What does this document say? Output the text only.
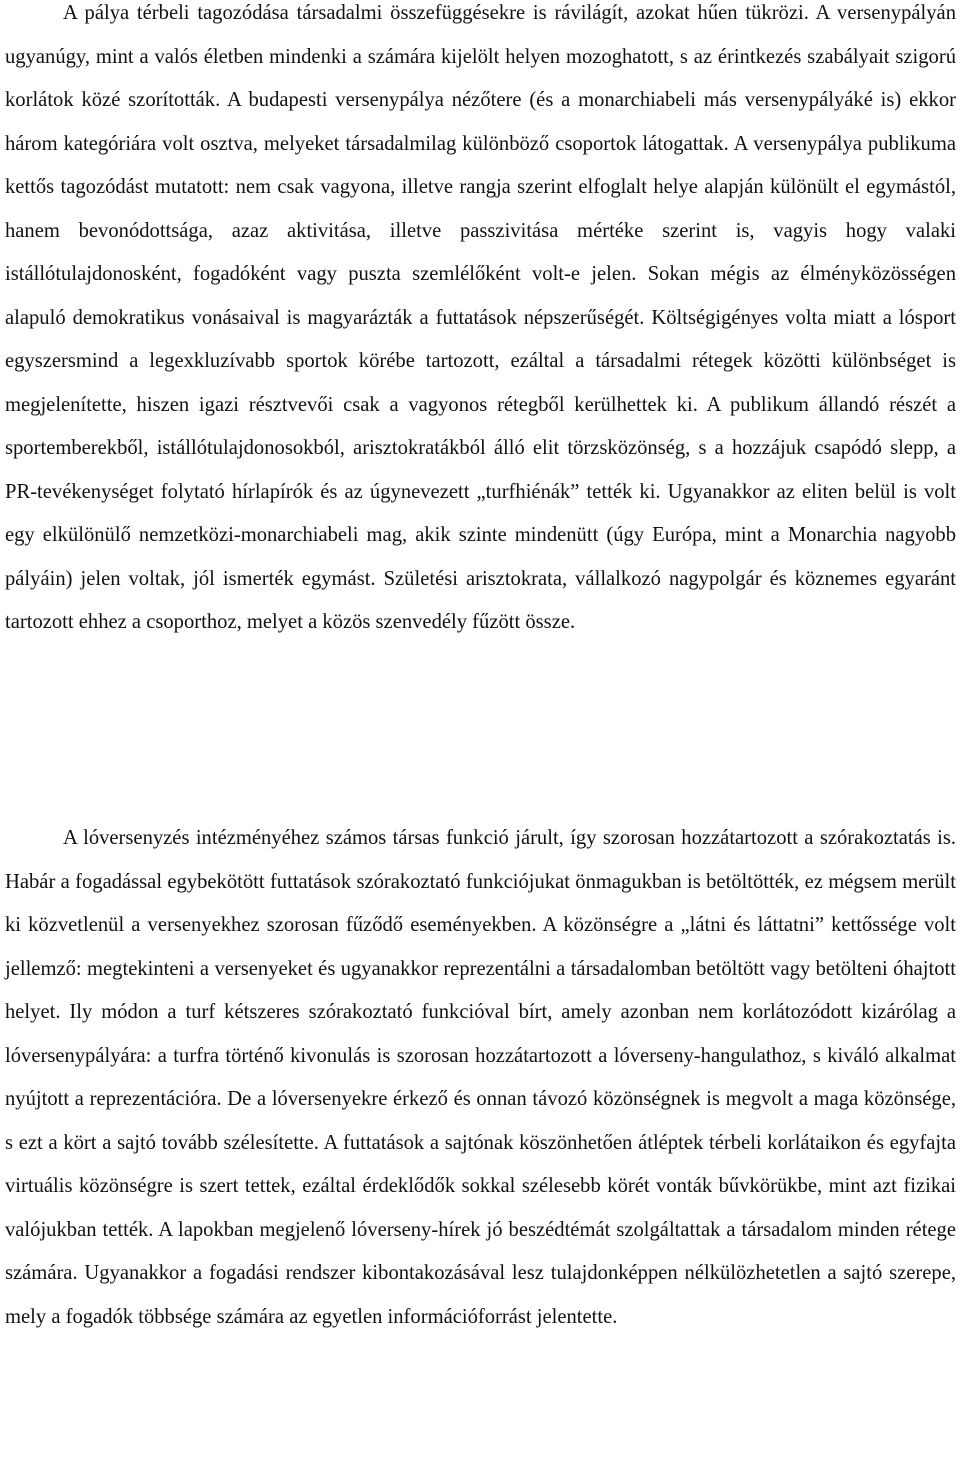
A pálya térbeli tagozódása társadalmi összefüggésekre is rávilágít, azokat hűen tükrözi. A versenypályán ugyanúgy, mint a valós életben mindenki a számára kijelölt helyen mozoghatott, s az érintkezés szabályait szigorú korlátok közé szorították. A budapesti versenypálya nézőtere (és a monarchiabeli más versenypályáké is) ekkor három kategóriára volt osztva, melyeket társadalmilag különböző csoportok látogattak. A versenypálya publikuma kettős tagozódást mutatott: nem csak vagyona, illetve rangja szerint elfoglalt helye alapján különült el egymástól, hanem bevonódottsága, azaz aktivitása, illetve passzivitása mértéke szerint is, vagyis hogy valaki istállótulajdonosként, fogadóként vagy puszta szemlélőként volt-e jelen. Sokan mégis az élményközösségen alapuló demokratikus vonásaival is magyarázták a futtatások népszerűségét. Költségigényes volta miatt a lósport egyszersmind a legexkluzívabb sportok körébe tartozott, ezáltal a társadalmi rétegek közötti különbséget is megjelenítette, hiszen igazi résztvevői csak a vagyonos rétegből kerülhettek ki. A publikum állandó részét a sportemberekből, istállótulajdonosokból, arisztokratákból álló elit törzsközönség, s a hozzájuk csapódó slepp, a PR-tevékenységet folytató hírlapírók és az úgynevezett „turfhiénák” tették ki. Ugyanakkor az eliten belül is volt egy elkülönülő nemzetközi-monarchiabeli mag, akik szinte mindenütt (úgy Európa, mint a Monarchia nagyobb pályáin) jelen voltak, jól ismerték egymást. Születési arisztokrata, vállalkozó nagypolgár és köznemes egyaránt tartozott ehhez a csoporthoz, melyet a közös szenvedély fűzött össze.

A lóversenyzés intézményéhez számos társas funkció járult, így szorosan hozzátartozott a szórakoztatás is. Habár a fogadással egybekötött futtatások szórakoztató funkciójukat önmagukban is betöltötték, ez mégsem merült ki közvetlenül a versenyekhez szorosan fűződő eseményekben. A közönségre a „látni és láttatni” kettőssége volt jellemző: megtekinteni a versenyeket és ugyanakkor reprezentálni a társadalomban betöltött vagy betölteni óhajtott helyet. Ily módon a turf kétszeres szórakoztató funkcióval bírt, amely azonban nem korlátozódott kizárólag a lóversenypályára: a turfra történő kivonulás is szorosan hozzátartozott a lóverseny-hangulathoz, s kiváló alkalmat nyújtott a reprezentációra. De a lóversenyekre érkező és onnan távozó közönségnek is megvolt a maga közönsége, s ezt a kört a sajtó tovább szélesítette. A futtatások a sajtónak köszönhetően átléptek térbeli korlátaikon és egyfajta virtuális közönségre is szert tettek, ezáltal érdeklődők sokkal szélesebb körét vonták bűvkörükbe, mint azt fizikai valójukban tették. A lapokban megjelenő lóverseny-hírek jó beszédtémát szolgáltattak a társadalom minden rétege számára. Ugyanakkor a fogadási rendszer kibontakozásával lesz tulajdonképpen nélkülözhetetlen a sajtó szerepe, mely a fogadók többsége számára az egyetlen információforrást jelentette.
